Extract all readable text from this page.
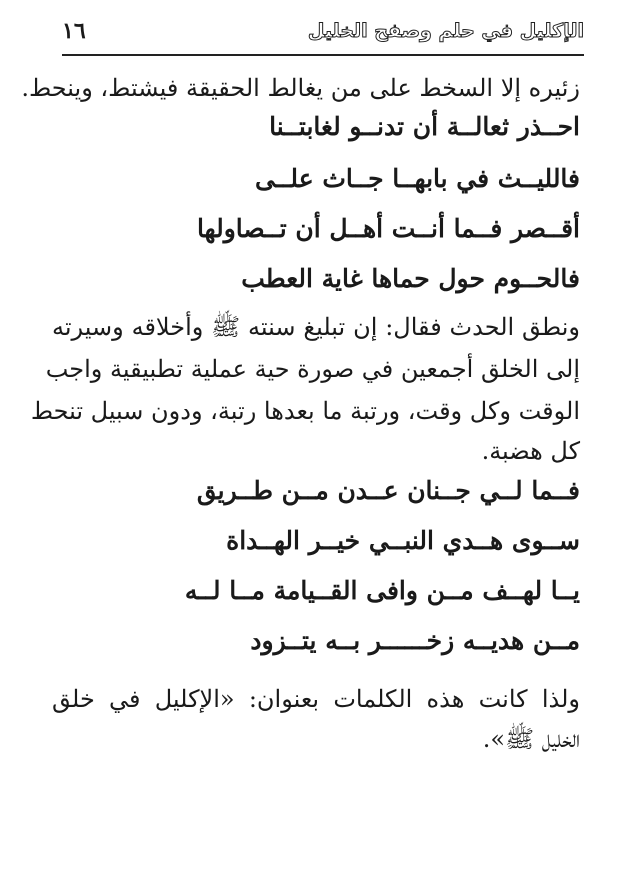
١٦	الإكليل في حلم وصفح الخليل
زئيره إلا السخط على من يغالط الحقيقة فيشتط، وينحط.
احــذر ثعالــة أن تدنــو لغابتــنا
فالليــث في بابهــا جــاث علــى
أقــصر فــما أنــت أهــل أن تــصاولها
فالحــوم حول حماها غاية العطب
ونطق الحدث فقال: إن تبليغ سنته ﷺ وأخلاقه وسيرته
إلى الخلق أجمعين في صورة حية عملية تطبيقية واجب
الوقت وكل وقت، ورتبة ما بعدها رتبة، ودون سبيل تنحط
كل هضبة.
فــما لــي جــنان عــدن مــن طــريق
ســوى هــدي النبــي خيــر الهــداة
يــا لهــف مــن وافى القــيامة مــا لــه
مــن هديــه زخــــــر بــه يتــزود
ولذا كانت هذه الكلمات بعنوان: «الإكليل في خلق
الخليل ﷺ».
